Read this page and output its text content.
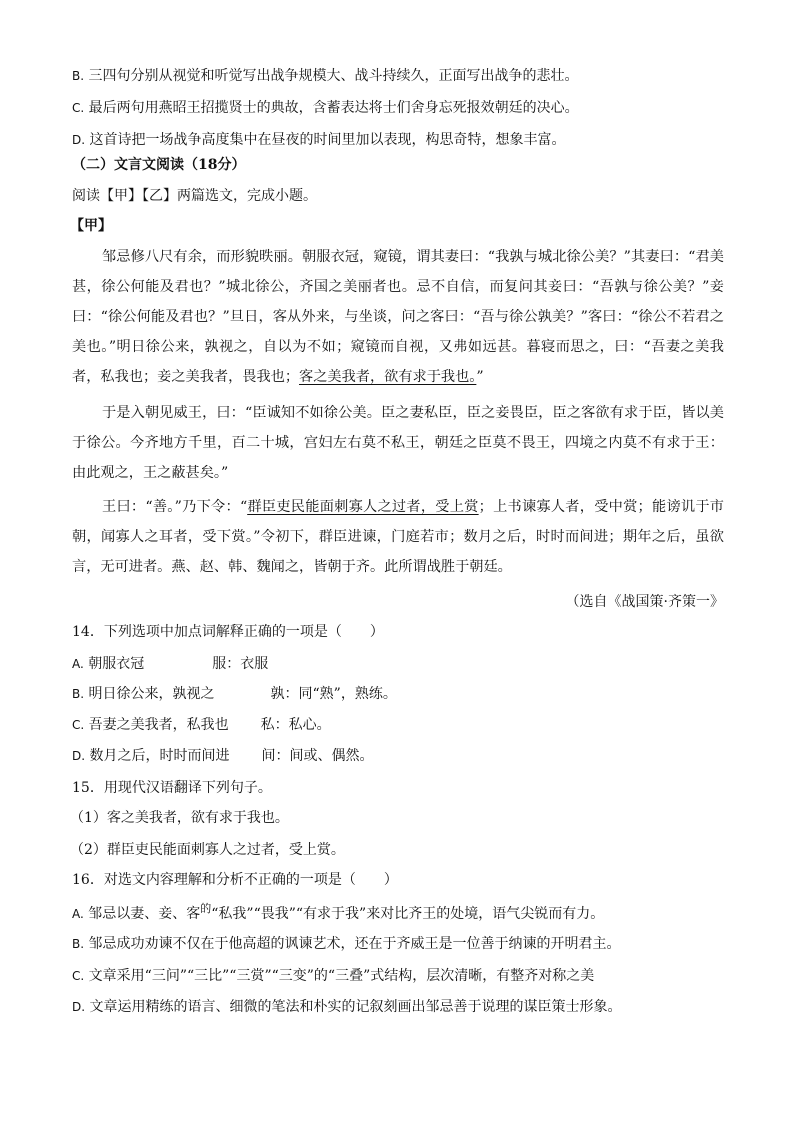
B. 三四句分别从视觉和听觉写出战争规模大、战斗持续久，正面写出战争的悲壮。
C. 最后两句用燕昭王招揽贤士的典故，含蓄表达将士们舍身忘死报效朝廷的决心。
D. 这首诗把一场战争高度集中在昼夜的时间里加以表现，构思奇特，想象丰富。
（二）文言文阅读（18分）
阅读【甲】【乙】两篇选文，完成小题。
【甲】
邹忌修八尺有余，而形貌昳丽。朝服衣冠，窥镜，谓其妻曰：“我孰与城北徐公美？”其妻曰：“君美甚，徐公何能及君也？”城北徐公，齐国之美丽者也。忌不自信，而复问其妾曰：“吾孰与徐公美？”妾曰：“徐公何能及君也？”旦日，客从外来，与坐谈，问之客曰：“吾与徐公孰美？”客曰：“徐公不若君之美也。”明日徐公来，孰视之，自以为不如；窥镜而自视，又弗如远甚。暮寝而思之，曰：“吾妻之美我者，私我也；妾之美我者，畏我也；客之美我者，欲有求于我也。”
于是入朝见威王，曰：“臣诚知不如徐公美。臣之妻私臣，臣之妾畏臣，臣之客欲有求于臣，皆以美于徐公。今齐地方千里，百二十城，宫妇左右莫不私王，朝廷之臣莫不畏王，四境之内莫不有求于王：由此观之，王之蔽甚矣。”
王曰：“善。”乃下令：“群臣吏民能面刺寡人之过者，受上赏；上书谏寡人者，受中赏；能谤讥于市朝，闻寡人之耳者，受下赏。”令初下，群臣进谏，门庭若市；数月之后，时时而间进；期年之后，虽欲言，无可进者。燕、赵、韩、魏闻之，皆朝于齐。此所谓战胜于朝廷。
（选自《战国策·齐策一》
14．下列选项中加点词解释正确的一项是（　　）
A. 朝服衣冠	服：衣服
B. 明日徐公来，孰视之	孰：同“熟”，熟练。
C. 吾妻之美我者，私我也 私：私心。
D. 数月之后，时时而间进 间：间或、偶然。
15．用现代汉语翻译下列句子。
（1）客之美我者，欲有求于我也。
（2）群臣吏民能面刺寡人之过者，受上赏。
16．对选文内容理解和分析不正确的一项是（　　）
A. 邹忌以妻、妾、客$^的$“私我”“畏我”“有求于我”来对比齐王的处境，语气尖锐而有力。
B. 邹忌成功劝谏不仅在于他高超的讽谏艺术，还在于齐威王是一位善于纳谏的开明君主。
C. 文章采用“三问”“三比”“三赏”“三变”的“三叠”式结构，层次清晰，有整齐对称之美
D. 文章运用精练的语言、细微的笔法和朴实的记叙刻画出邹忌善于说理的谋臣策士形象。
